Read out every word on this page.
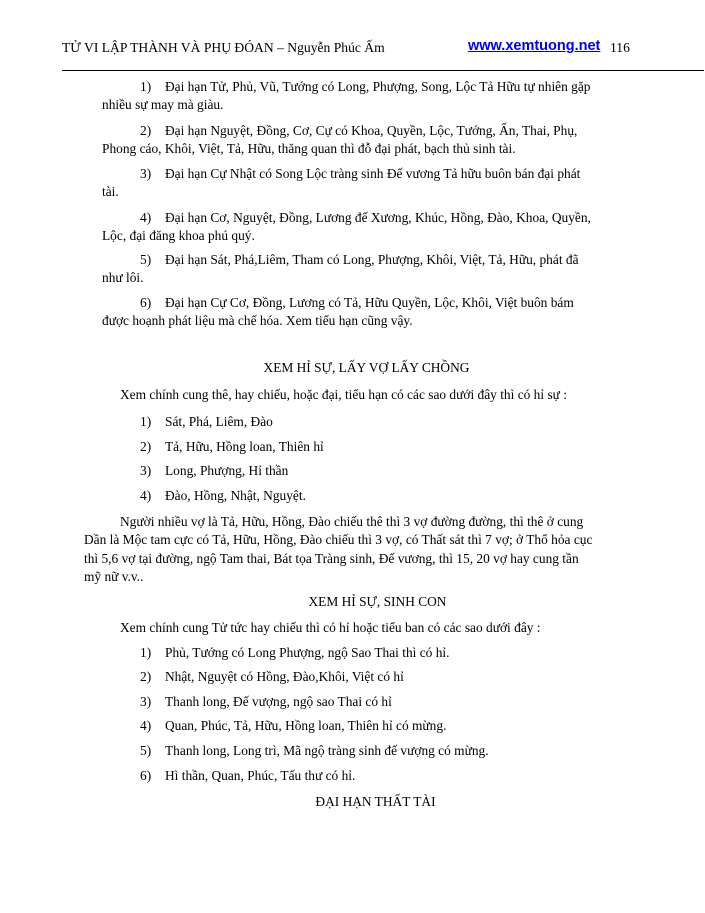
TỬ VI LẬP THÀNH VÀ PHỤ ĐÓAN – Nguyễn Phúc Ấm	www.xemtuong.net 116
1) Đại hạn Tử, Phủ, Vũ, Tướng có Long, Phượng, Song, Lộc Tả Hữu tự nhiên gặp
nhiều sự may mà giàu.
2) Đại hạn Nguyệt, Đồng, Cơ, Cự có Khoa, Quyền, Lộc, Tướng, Ấn, Thai, Phụ,
Phong cáo, Khôi, Việt, Tả, Hữu, thăng quan thì đỗ đại phát, bạch thủ sinh tài.
3) Đại hạn Cự Nhật có Song Lộc tràng sinh Đế vương Tả hữu buôn bán đại phát
tài.
4) Đại hạn Cơ, Nguyệt, Đồng, Lương đế Xương, Khúc, Hồng, Đào, Khoa, Quyền,
Lộc, đại đăng khoa phú quý.
5) Đại hạn Sát, Phá,Liêm, Tham có Long, Phượng, Khôi, Việt, Tả, Hữu, phát đã
như lôi.
6) Đại hạn Cự Cơ, Đồng, Lương có Tả, Hữu Quyền, Lộc, Khôi, Việt buôn bám
được hoạnh phát liệu mà chế hóa. Xem tiểu hạn cũng vậy.
XEM HỈ SỰ, LẤY VỢ LẤY CHỒNG
Xem chính cung thê, hay chiếu, hoặc đại, tiểu hạn có các sao dưới đây thì có hỉ sự :
1) Sát, Phá, Liêm, Đào
2) Tả, Hữu, Hồng loan, Thiên hỉ
3) Long, Phượng, Hỉ thần
4) Đào, Hồng, Nhật, Nguyệt.
Người nhiều vợ là Tả, Hữu, Hồng, Đào chiếu thê thì 3 vợ đường đường, thì thê ở cung
Dần là Mộc tam cực có Tả, Hữu, Hồng, Đào chiếu thì 3 vợ, có Thất sát thì 7 vợ; ở Thổ hỏa cục
thì 5,6 vợ tại đường, ngộ Tam thai, Bát tọa Tràng sinh, Đế vương, thì 15, 20 vợ hay cung tần
mỹ nữ v.v..
XEM HỈ SỰ, SINH CON
Xem chính cung Tử tức hay chiếu thì có hỉ hoặc tiểu ban có các sao dưới đây :
1) Phủ, Tướng có Long Phượng, ngộ Sao Thai thì có hỉ.
2) Nhật, Nguyệt có Hồng, Đào,Khôi, Việt có hỉ
3) Thanh long, Đế vượng, ngộ sao Thai có hỉ
4) Quan, Phúc, Tả, Hữu, Hồng loan, Thiên hỉ có mừng.
5) Thanh long, Long trì, Mã ngộ tràng sinh đế vượng có mừng.
6) Hì thần, Quan, Phúc, Tấu thư có hỉ.
ĐẠI HẠN THẤT TÀI
